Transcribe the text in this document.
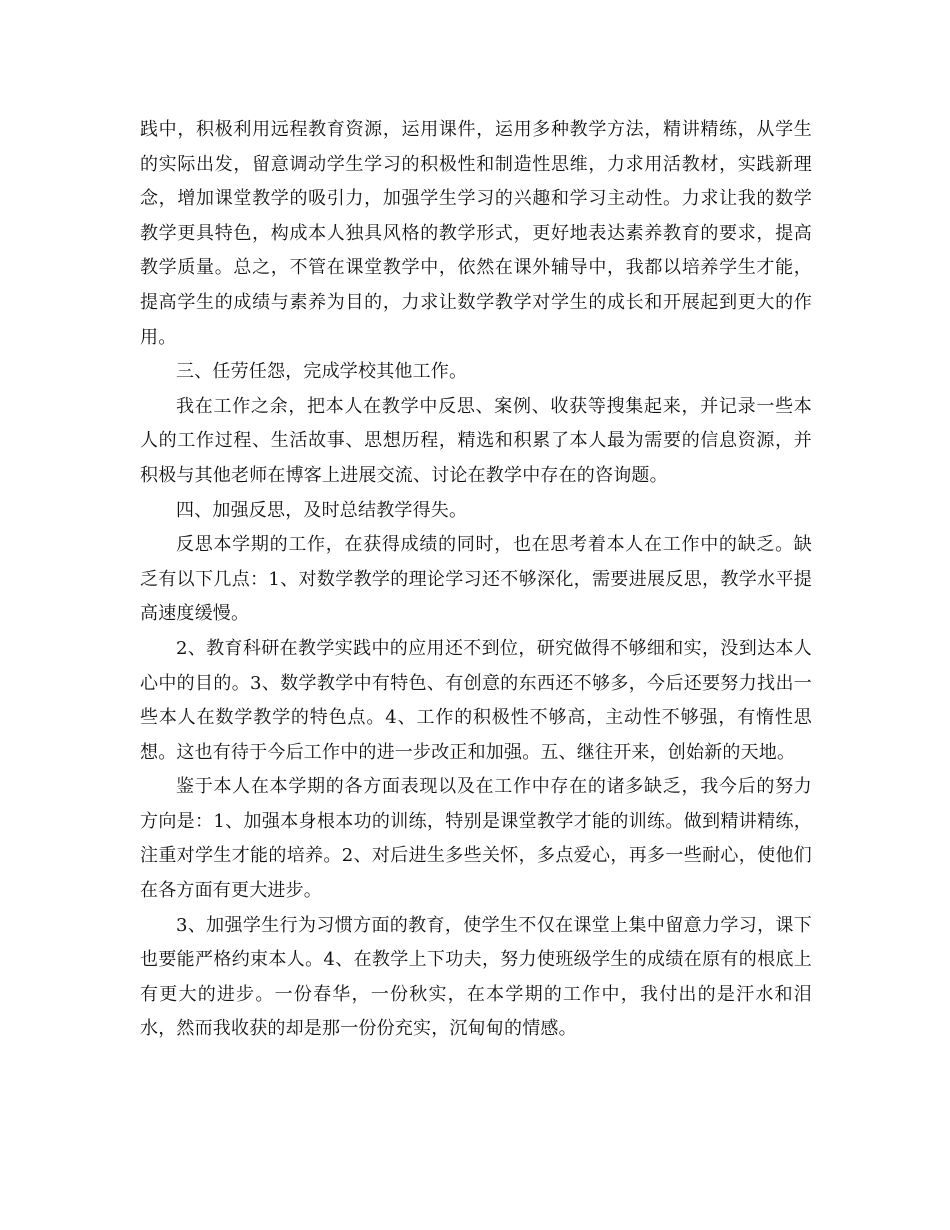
践中，积极利用远程教育资源，运用课件，运用多种教学方法，精讲精练，从学生的实际出发，留意调动学生学习的积极性和制造性思维，力求用活教材，实践新理念，增加课堂教学的吸引力，加强学生学习的兴趣和学习主动性。力求让我的数学教学更具特色，构成本人独具风格的教学形式，更好地表达素养教育的要求，提高教学质量。总之，不管在课堂教学中，依然在课外辅导中，我都以培养学生才能，提高学生的成绩与素养为目的，力求让数学教学对学生的成长和开展起到更大的作用。

三、任劳任怨，完成学校其他工作。

我在工作之余，把本人在教学中反思、案例、收获等搜集起来，并记录一些本人的工作过程、生活故事、思想历程，精选和积累了本人最为需要的信息资源，并积极与其他老师在博客上进展交流、讨论在教学中存在的咨询题。

四、加强反思，及时总结教学得失。

反思本学期的工作，在获得成绩的同时，也在思考着本人在工作中的缺乏。缺乏有以下几点：1、对数学教学的理论学习还不够深化，需要进展反思，教学水平提高速度缓慢。

2、教育科研在教学实践中的应用还不到位，研究做得不够细和实，没到达本人心中的目的。3、数学教学中有特色、有创意的东西还不够多，今后还要努力找出一些本人在数学教学的特色点。4、工作的积极性不够高，主动性不够强，有惰性思想。这也有待于今后工作中的进一步改正和加强。五、继往开来，创始新的天地。

鉴于本人在本学期的各方面表现以及在工作中存在的诸多缺乏，我今后的努力方向是：1、加强本身根本功的训练，特别是课堂教学才能的训练。做到精讲精练，注重对学生才能的培养。2、对后进生多些关怀，多点爱心，再多一些耐心，使他们在各方面有更大进步。

3、加强学生行为习惯方面的教育，使学生不仅在课堂上集中留意力学习，课下也要能严格约束本人。4、在教学上下功夫，努力使班级学生的成绩在原有的根底上有更大的进步。一份春华，一份秋实，在本学期的工作中，我付出的是汗水和泪水，然而我收获的却是那一份份充实，沉甸甸的情感。
